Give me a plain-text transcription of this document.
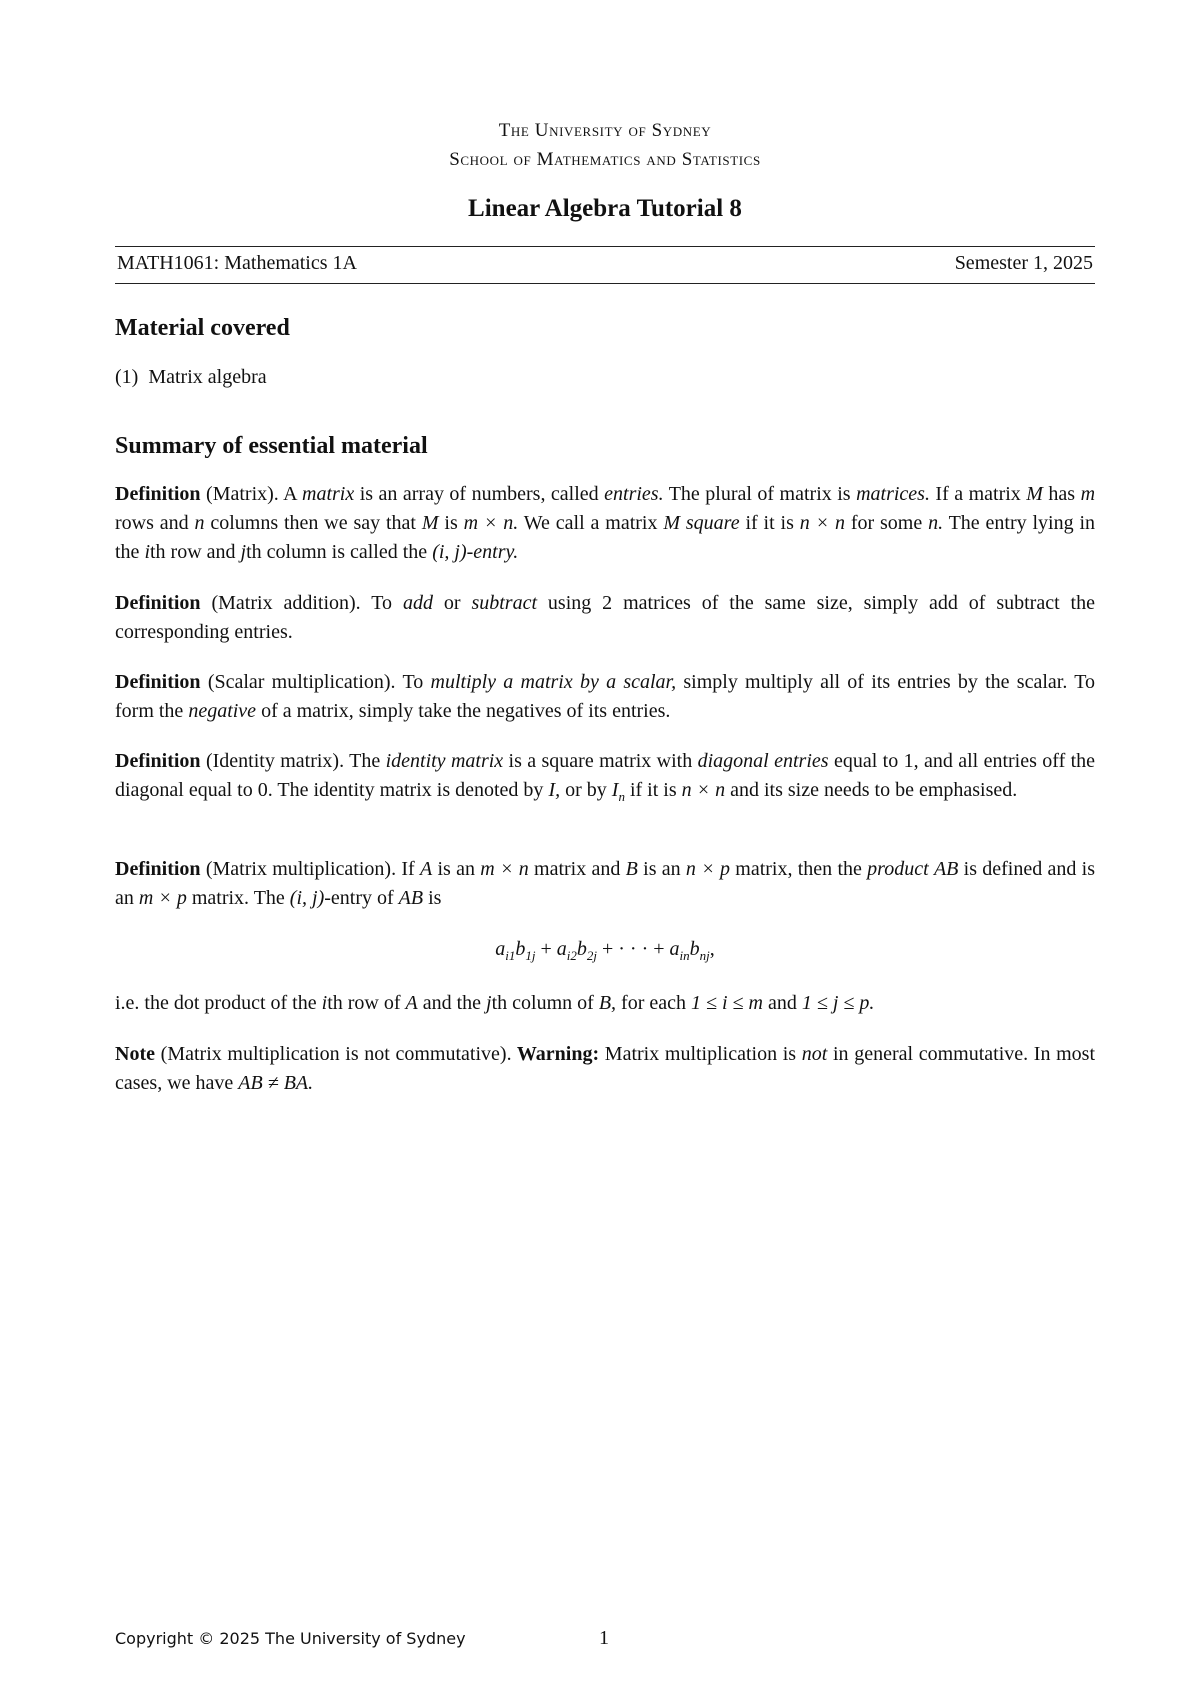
The University of Sydney
School of Mathematics and Statistics
Linear Algebra Tutorial 8
MATH1061: Mathematics 1A	Semester 1, 2025
Material covered
(1) Matrix algebra
Summary of essential material
Definition (Matrix). A matrix is an array of numbers, called entries. The plural of matrix is matrices. If a matrix M has m rows and n columns then we say that M is m × n. We call a matrix M square if it is n × n for some n. The entry lying in the ith row and jth column is called the (i, j)-entry.
Definition (Matrix addition). To add or subtract using 2 matrices of the same size, simply add of subtract the corresponding entries.
Definition (Scalar multiplication). To multiply a matrix by a scalar, simply multiply all of its entries by the scalar. To form the negative of a matrix, simply take the negatives of its entries.
Definition (Identity matrix). The identity matrix is a square matrix with diagonal entries equal to 1, and all entries off the diagonal equal to 0. The identity matrix is denoted by I, or by $I_n$ if it is n × n and its size needs to be emphasised.
Definition (Matrix multiplication). If A is an m × n matrix and B is an n × p matrix, then the product AB is defined and is an m × p matrix. The (i, j)-entry of AB is
$a_{i1}b_{1j} + a_{i2}b_{2j}$ + · · · + $a_{in}b_{nj}$,
i.e. the dot product of the ith row of A and the jth column of B, for each 1 ≤ i ≤ m and 1 ≤ j ≤ p.
Note (Matrix multiplication is not commutative). Warning: Matrix multiplication is not in general commutative. In most cases, we have AB ≠ BA.
Copyright © 2025 The University of Sydney	1
